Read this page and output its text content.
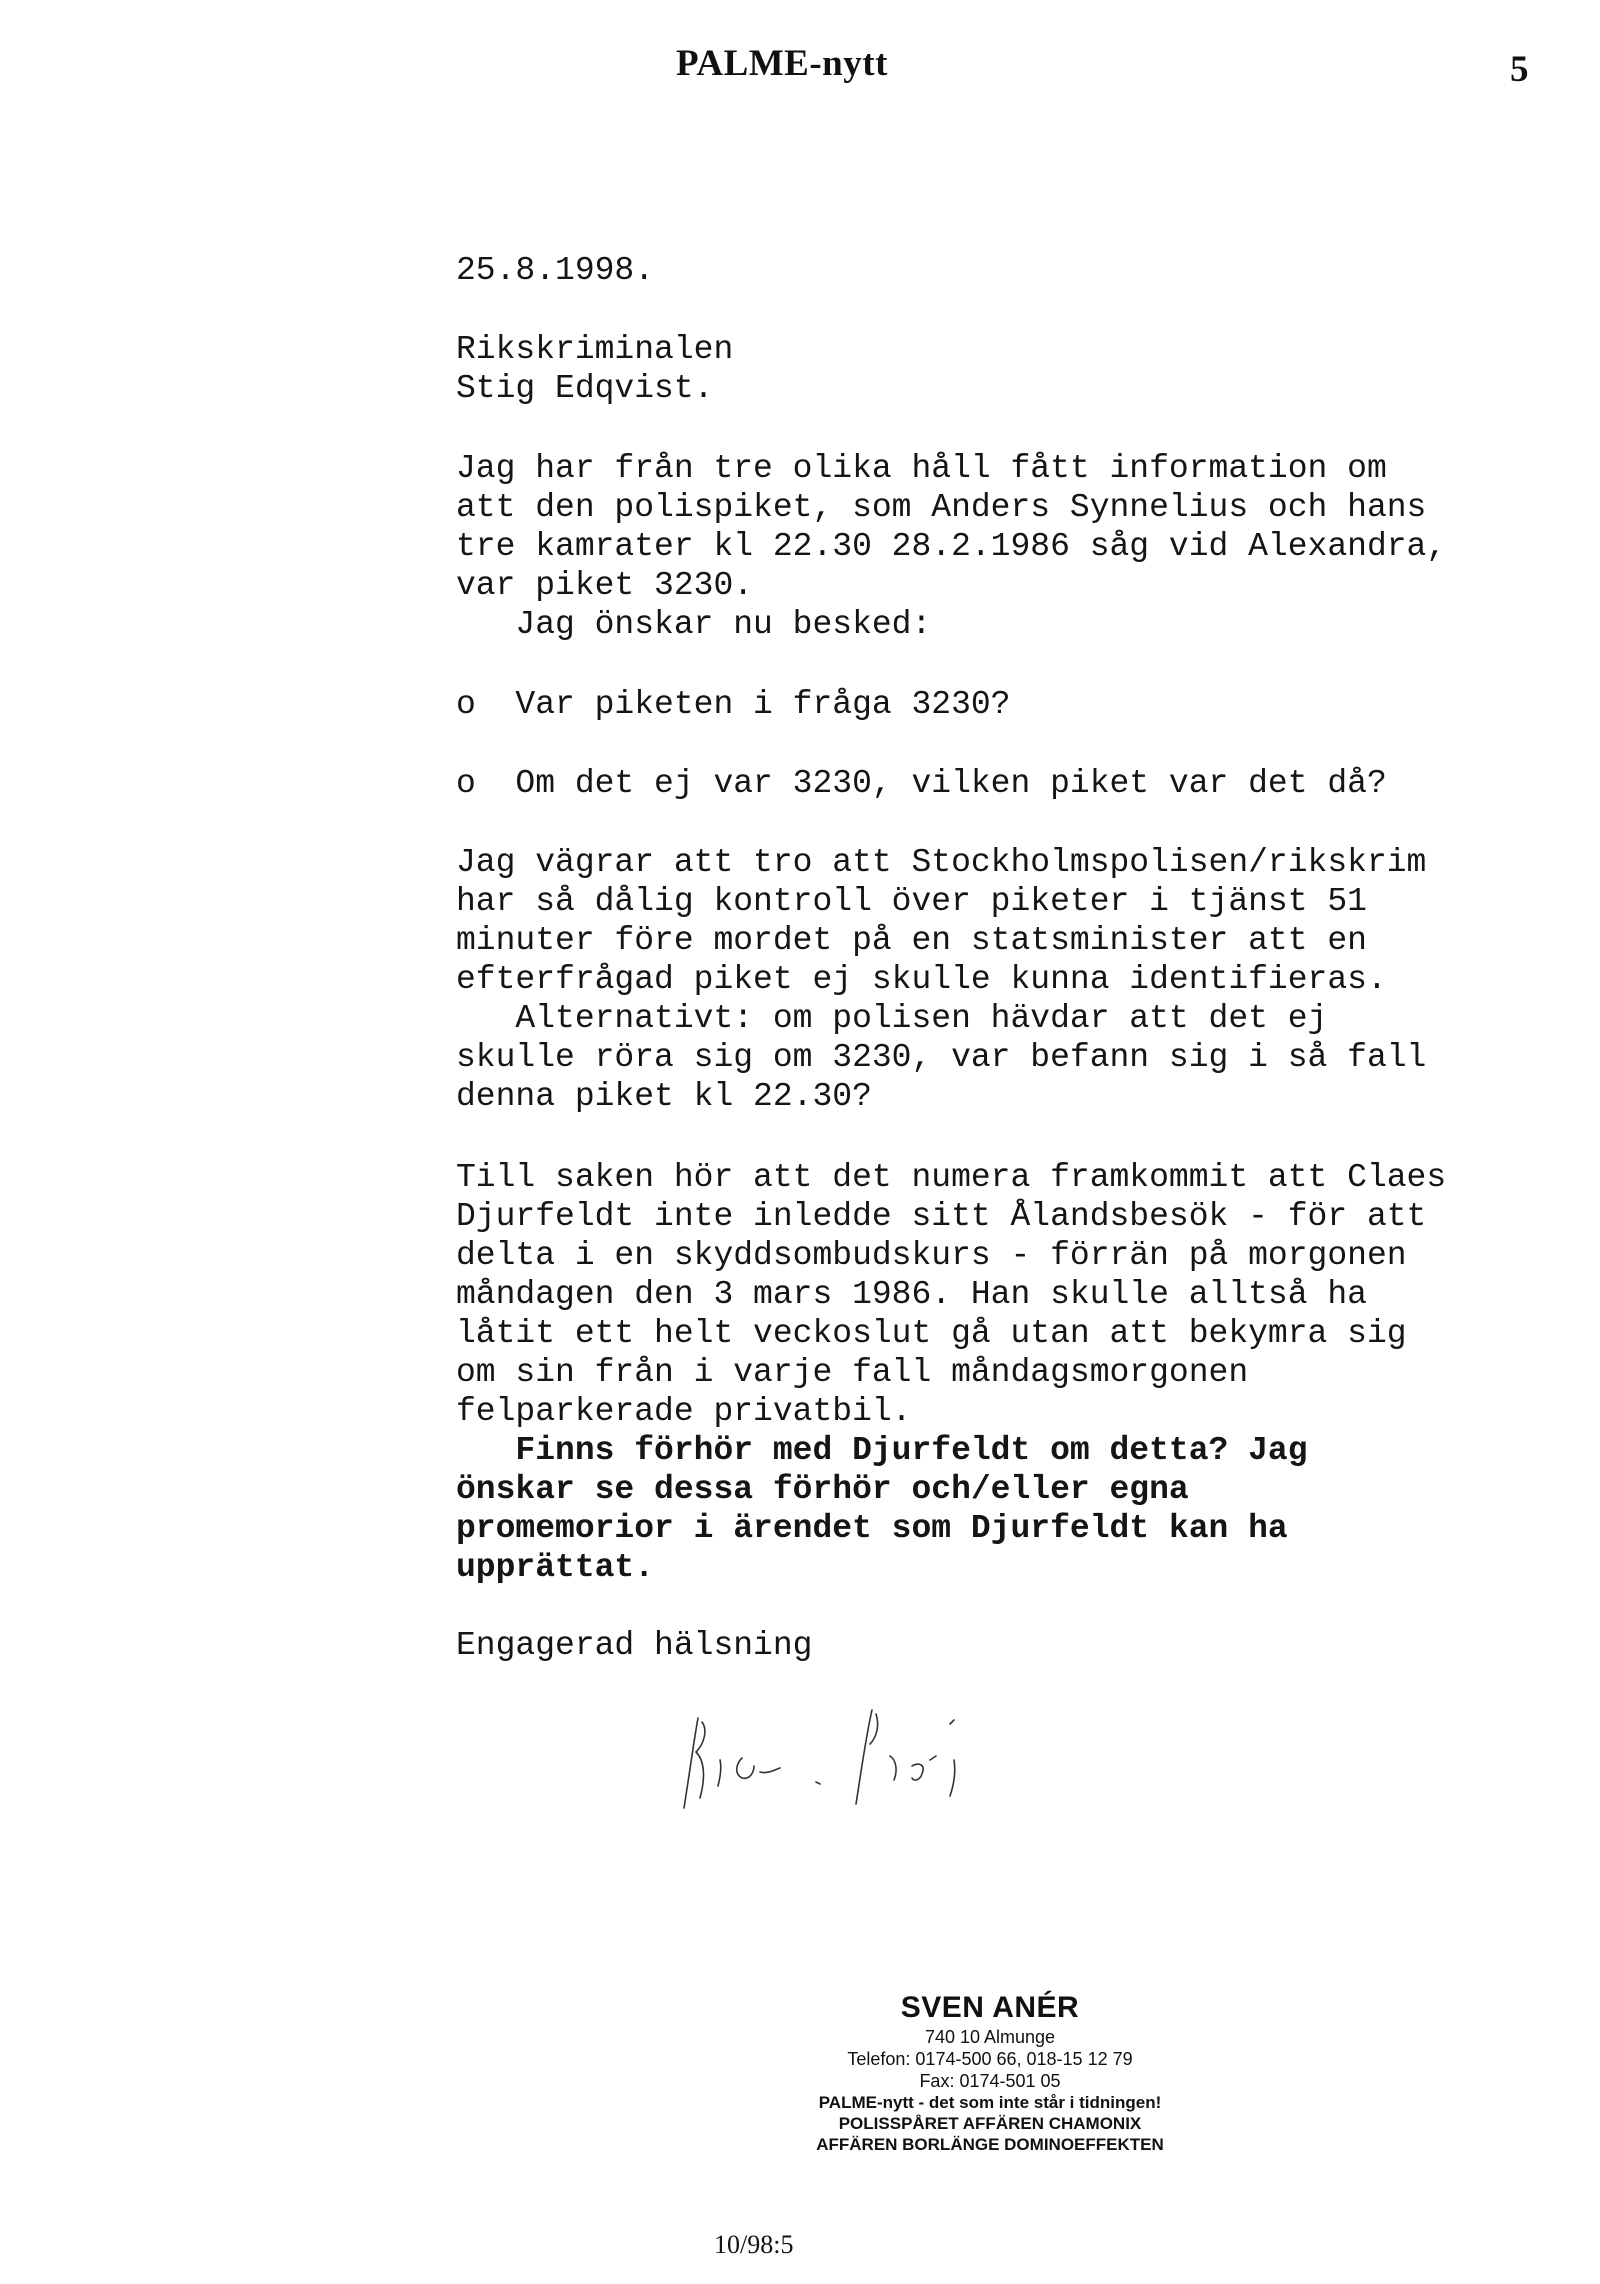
PALME-nytt	5

25.8.1998.

Rikskriminalen

Stig Edqvist.

Jag har från tre olika håll fått information om
att den polispiket, som Anders Synnelius och hans
tre kamrater kl 22.30 28.2.1986 såg vid Alexandra,
var piket 3230.
Jag önskar nu besked:

o  Var piketen i fråga 3230?

o  Om det ej var 3230, vilken piket var det då?

Jag vägrar att tro att Stockholmspolisen/rikskrim
har så dålig kontroll över piketer i tjänst 51
minuter före mordet på en statsminister att en
efterfrågad piket ej skulle kunna identifieras.
Alternativt: om polisen hävdar att det ej
skulle röra sig om 3230, var befann sig i så fall
denna piket kl 22.30?

Till saken hör att det numera framkommit att Claes
Djurfeldt inte inledde sitt Ålandsbesök - för att
delta i en skyddsombudskurs - förrän på morgonen
måndagen den 3 mars 1986. Han skulle alltså ha
låtit ett helt veckoslut gå utan att bekymra sig
om sin från i varje fall måndagsmorgonen
felparkerade privatbil.

Finns förhör med Djurfeldt om detta? Jag
önskar se dessa förhör och/eller egna
promemorior i ärendet som Djurfeldt kan ha
upprättat.

Engagerad hälsning

SVEN ANÉR
740 10 Almunge
Telefon: 0174-500 66, 018-15 12 79
Fax: 0174-501 05
PALME-nytt - det som inte står i tidningen!
POLISSPÅRET AFFÄREN CHAMONIX
AFFÄREN BORLÄNGE DOMINOEFFEKTEN
10/98:5
